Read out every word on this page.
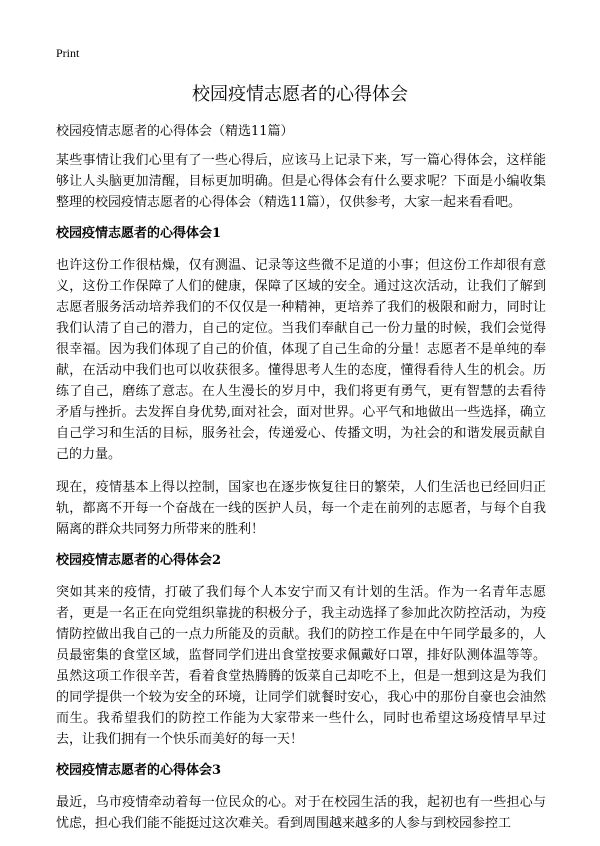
Print
校园疫情志愿者的心得体会

校园疫情志愿者的心得体会（精选11篇）

某些事情让我们心里有了一些心得后，应该马上记录下来，写一篇心得体会，这样能够让人头脑更加清醒，目标更加明确。但是心得体会有什么要求呢？下面是小编收集整理的校园疫情志愿者的心得体会（精选11篇），仅供参考，大家一起来看看吧。

校园疫情志愿者的心得体会1

也许这份工作很枯燥，仅有测温、记录等这些微不足道的小事；但这份工作却很有意义，这份工作保障了人们的健康，保障了区域的安全。通过这次活动，让我们了解到志愿者服务活动培养我们的不仅仅是一种精神，更培养了我们的极限和耐力，同时让我们认清了自己的潜力，自己的定位。当我们奉献自己一份力量的时候，我们会觉得很幸福。因为我们体现了自己的价值，体现了自己生命的分量！志愿者不是单纯的奉献，在活动中我们也可以收获很多。懂得思考人生的态度，懂得看待人生的机会。历练了自己，磨练了意志。在人生漫长的岁月中，我们将更有勇气，更有智慧的去看待矛盾与挫折。去发挥自身优势,面对社会，面对世界。心平气和地做出一些选择，确立自己学习和生活的目标，服务社会，传递爱心、传播文明，为社会的和谐发展贡献自己的力量。

现在，疫情基本上得以控制，国家也在逐步恢复往日的繁荣，人们生活也已经回归正轨，都离不开每一个奋战在一线的医护人员，每一个走在前列的志愿者，与每个自我隔离的群众共同努力所带来的胜利！

校园疫情志愿者的心得体会2

突如其来的疫情，打破了我们每个人本安宁而又有计划的生活。作为一名青年志愿者，更是一名正在向党组织靠拢的积极分子，我主动选择了参加此次防控活动，为疫情防控做出我自己的一点力所能及的贡献。我们的防控工作是在中午同学最多的，人员最密集的食堂区域，监督同学们进出食堂按要求佩戴好口罩，排好队测体温等等。虽然这项工作很辛苦，看着食堂热腾腾的饭菜自己却吃不上，但是一想到这是为我们的同学提供一个较为安全的环境，让同学们就餐时安心，我心中的那份自豪也会油然而生。我希望我们的防控工作能为大家带来一些什么，同时也希望这场疫情早早过去，让我们拥有一个快乐而美好的每一天！

校园疫情志愿者的心得体会3

最近，乌市疫情牵动着每一位民众的心。对于在校园生活的我，起初也有一些担心与忧虑，担心我们能不能挺过这次难关。看到周围越来越多的人参与到校园参控工
